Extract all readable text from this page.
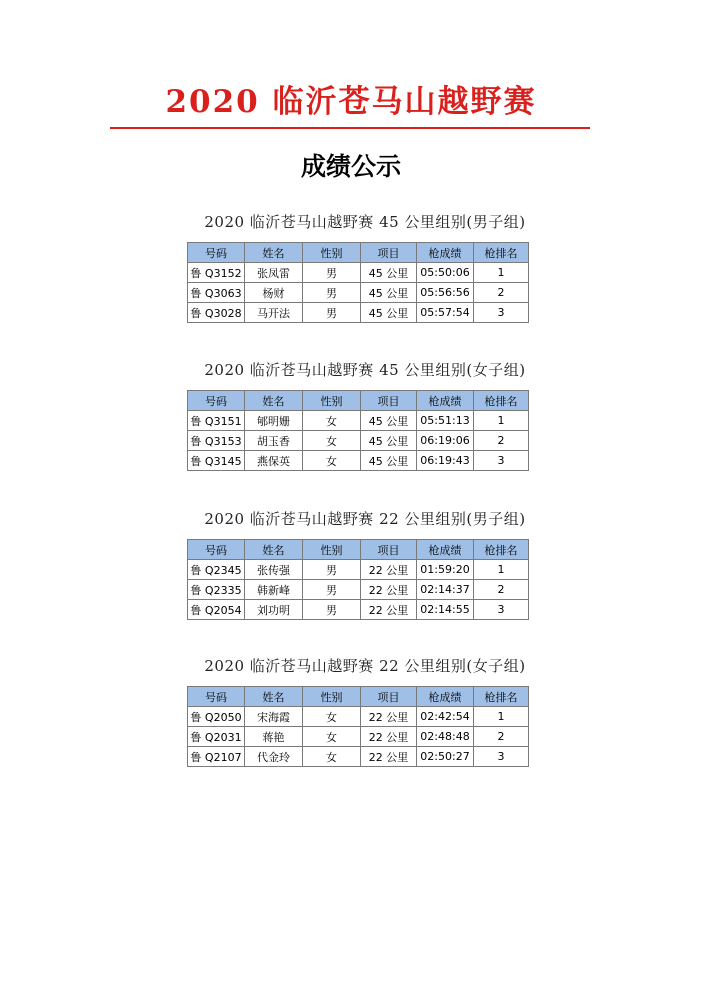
2020 临沂苍马山越野赛
成绩公示
2020 临沂苍马山越野赛 45 公里组别(男子组)
号码	姓名	性别	项目	枪成绩	枪排名
鲁 Q3152	张凤雷	男	45 公里	05:50:06	1
鲁 Q3063	杨财	男	45 公里	05:56:56	2
鲁 Q3028	马开法	男	45 公里	05:57:54	3
2020 临沂苍马山越野赛 45 公里组别(女子组)
号码	姓名	性别	项目	枪成绩	枪排名
鲁 Q3151	郇明姗	女	45 公里	05:51:13	1
鲁 Q3153	胡玉香	女	45 公里	06:19:06	2
鲁 Q3145	燕保英	女	45 公里	06:19:43	3
2020 临沂苍马山越野赛 22 公里组别(男子组)
号码	姓名	性别	项目	枪成绩	枪排名
鲁 Q2345	张传强	男	22 公里	01:59:20	1
鲁 Q2335	韩新峰	男	22 公里	02:14:37	2
鲁 Q2054	刘功明	男	22 公里	02:14:55	3
2020 临沂苍马山越野赛 22 公里组别(女子组)
号码	姓名	性别	项目	枪成绩	枪排名
鲁 Q2050	宋海霞	女	22 公里	02:42:54	1
鲁 Q2031	蒋艳	女	22 公里	02:48:48	2
鲁 Q2107	代金玲	女	22 公里	02:50:27	3
